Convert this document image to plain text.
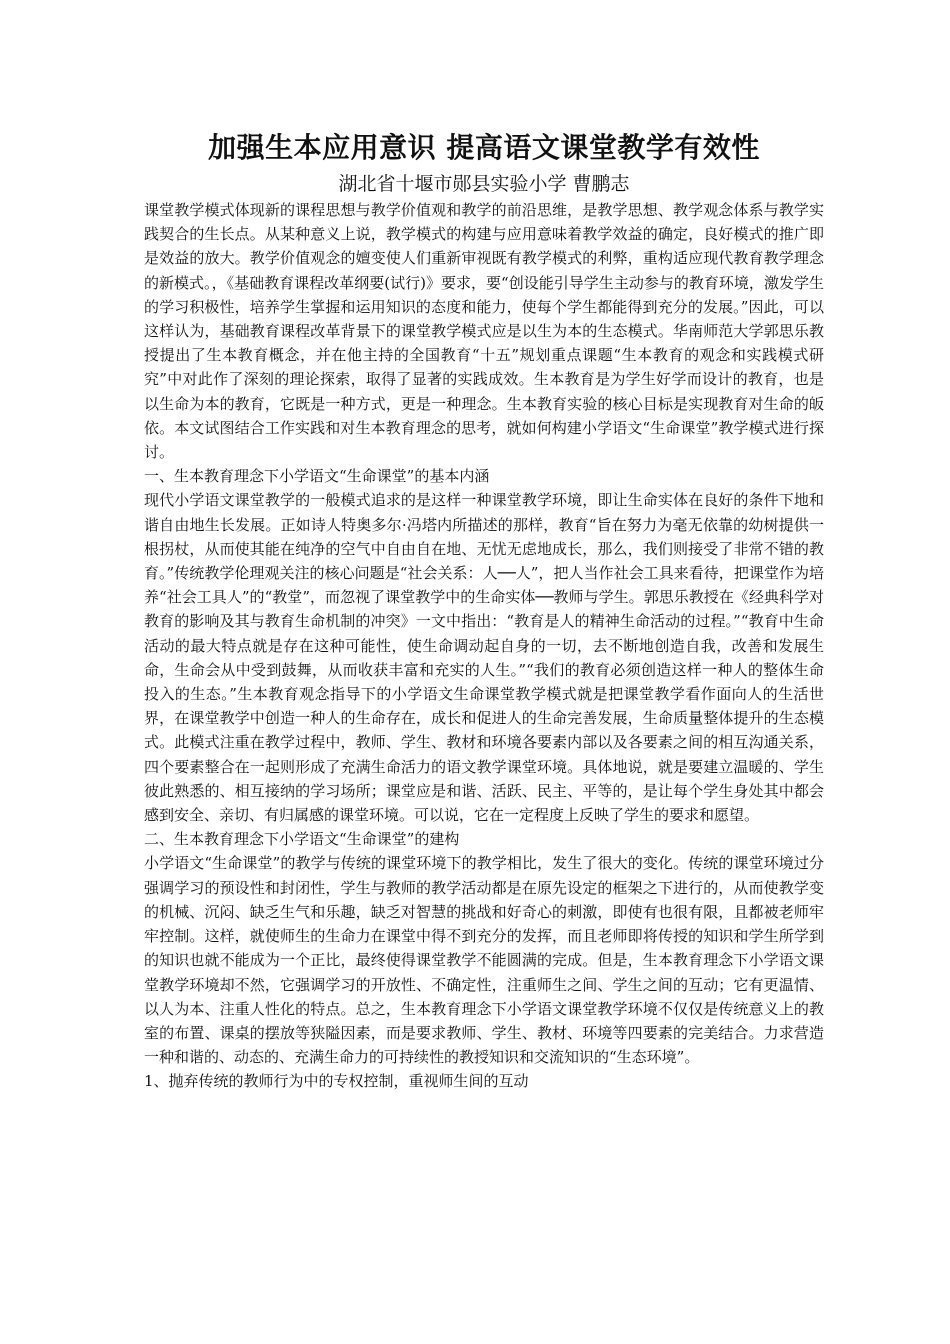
加强生本应用意识 提高语文课堂教学有效性
湖北省十堰市郧县实验小学 曹鹏志

课堂教学模式体现新的课程思想与教学价值观和教学的前沿思维，是教学思想、教学观念体系与教学实践契合的生长点。从某种意义上说，教学模式的构建与应用意味着教学效益的确定，良好模式的推广即是效益的放大。教学价值观念的嬗变使人们重新审视既有教学模式的利弊，重构适应现代教育教学理念的新模式。，《基础教育课程改革纲要(试行)》要求，要“创设能引导学生主动参与的教育环境，激发学生的学习积极性，培养学生掌握和运用知识的态度和能力，使每个学生都能得到充分的发展。”因此，可以这样认为，基础教育课程改革背景下的课堂教学模式应是以生为本的生态模式。华南师范大学郭思乐教授提出了生本教育概念，并在他主持的全国教育“十五”规划重点课题“生本教育的观念和实践模式研究”中对此作了深刻的理论探索，取得了显著的实践成效。生本教育是为学生好学而设计的教育，也是以生命为本的教育，它既是一种方式，更是一种理念。生本教育实验的核心目标是实现教育对生命的皈依。本文试图结合工作实践和对生本教育理念的思考，就如何构建小学语文“生命课堂”教学模式进行探讨。

一、生本教育理念下小学语文“生命课堂”的基本内涵

现代小学语文课堂教学的一般模式追求的是这样一种课堂教学环境，即让生命实体在良好的条件下地和谐自由地生长发展。正如诗人特奥多尔·冯塔内所描述的那样，教育“旨在努力为毫无依靠的幼树提供一根拐杖，从而使其能在纯净的空气中自由自在地、无忧无虑地成长，那么，我们则接受了非常不错的教育。”传统教学伦理观关注的核心问题是“社会关系：人──人”，把人当作社会工具来看待，把课堂作为培养“社会工具人”的“教堂”，而忽视了课堂教学中的生命实体──教师与学生。郭思乐教授在《经典科学对教育的影响及其与教育生命机制的冲突》一文中指出：“教育是人的精神生命活动的过程。”“教育中生命活动的最大特点就是存在这种可能性，使生命调动起自身的一切，去不断地创造自我，改善和发展生命，生命会从中受到鼓舞，从而收获丰富和充实的人生。”“我们的教育必须创造这样一种人的整体生命投入的生态。”生本教育观念指导下的小学语文生命课堂教学模式就是把课堂教学看作面向人的生活世界，在课堂教学中创造一种人的生命存在，成长和促进人的生命完善发展，生命质量整体提升的生态模式。此模式注重在教学过程中，教师、学生、教材和环境各要素内部以及各要素之间的相互沟通关系，四个要素整合在一起则形成了充满生命活力的语文教学课堂环境。具体地说，就是要建立温暖的、学生彼此熟悉的、相互接纳的学习场所；课堂应是和谐、活跃、民主、平等的，是让每个学生身处其中都会感到安全、亲切、有归属感的课堂环境。可以说，它在一定程度上反映了学生的要求和愿望。

二、生本教育理念下小学语文“生命课堂”的建构

小学语文“生命课堂”的教学与传统的课堂环境下的教学相比，发生了很大的变化。传统的课堂环境过分强调学习的预设性和封闭性，学生与教师的教学活动都是在原先设定的框架之下进行的，从而使教学变的机械、沉闷、缺乏生气和乐趣，缺乏对智慧的挑战和好奇心的刺激，即使有也很有限，且都被老师牢牢控制。这样，就使师生的生命力在课堂中得不到充分的发挥，而且老师即将传授的知识和学生所学到的知识也就不能成为一个正比，最终使得课堂教学不能圆满的完成。但是，生本教育理念下小学语文课堂教学环境却不然，它强调学习的开放性、不确定性，注重师生之间、学生之间的互动；它有更温情、以人为本、注重人性化的特点。总之，生本教育理念下小学语文课堂教学环境不仅仅是传统意义上的教室的布置、课桌的摆放等狭隘因素，而是要求教师、学生、教材、环境等四要素的完美结合。力求营造一种和谐的、动态的、充满生命力的可持续性的教授知识和交流知识的“生态环境”。

1、抛弃传统的教师行为中的专权控制，重视师生间的互动
